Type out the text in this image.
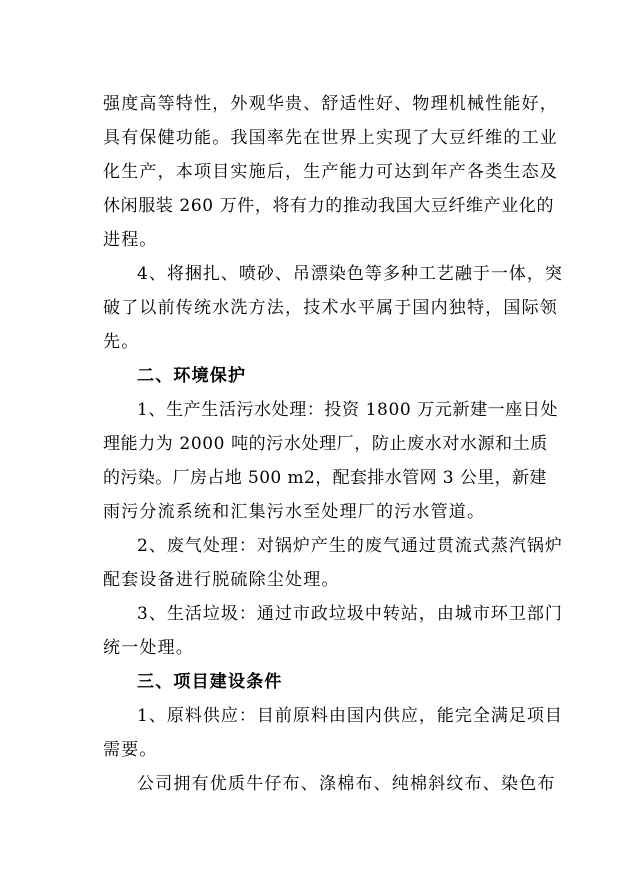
强度高等特性，外观华贵、舒适性好、物理机械性能好，
具有保健功能。我国率先在世界上实现了大豆纤维的工业
化生产，本项目实施后，生产能力可达到年产各类生态及
休闲服装 260 万件，将有力的推动我国大豆纤维产业化的
进程。
4、将捆扎、喷砂、吊漂染色等多种工艺融于一体，突
破了以前传统水洗方法，技术水平属于国内独特，国际领
先。
二、环境保护
1、生产生活污水处理：投资 1800 万元新建一座日处
理能力为 2000 吨的污水处理厂，防止废水对水源和土质
的污染。厂房占地 500 m2，配套排水管网 3 公里，新建
雨污分流系统和汇集污水至处理厂的污水管道。
2、废气处理：对锅炉产生的废气通过贯流式蒸汽锅炉
配套设备进行脱硫除尘处理。
3、生活垃圾：通过市政垃圾中转站，由城市环卫部门
统一处理。
三、项目建设条件
1、原料供应：目前原料由国内供应，能完全满足项目
需要。
公司拥有优质牛仔布、涤棉布、纯棉斜纹布、染色布
